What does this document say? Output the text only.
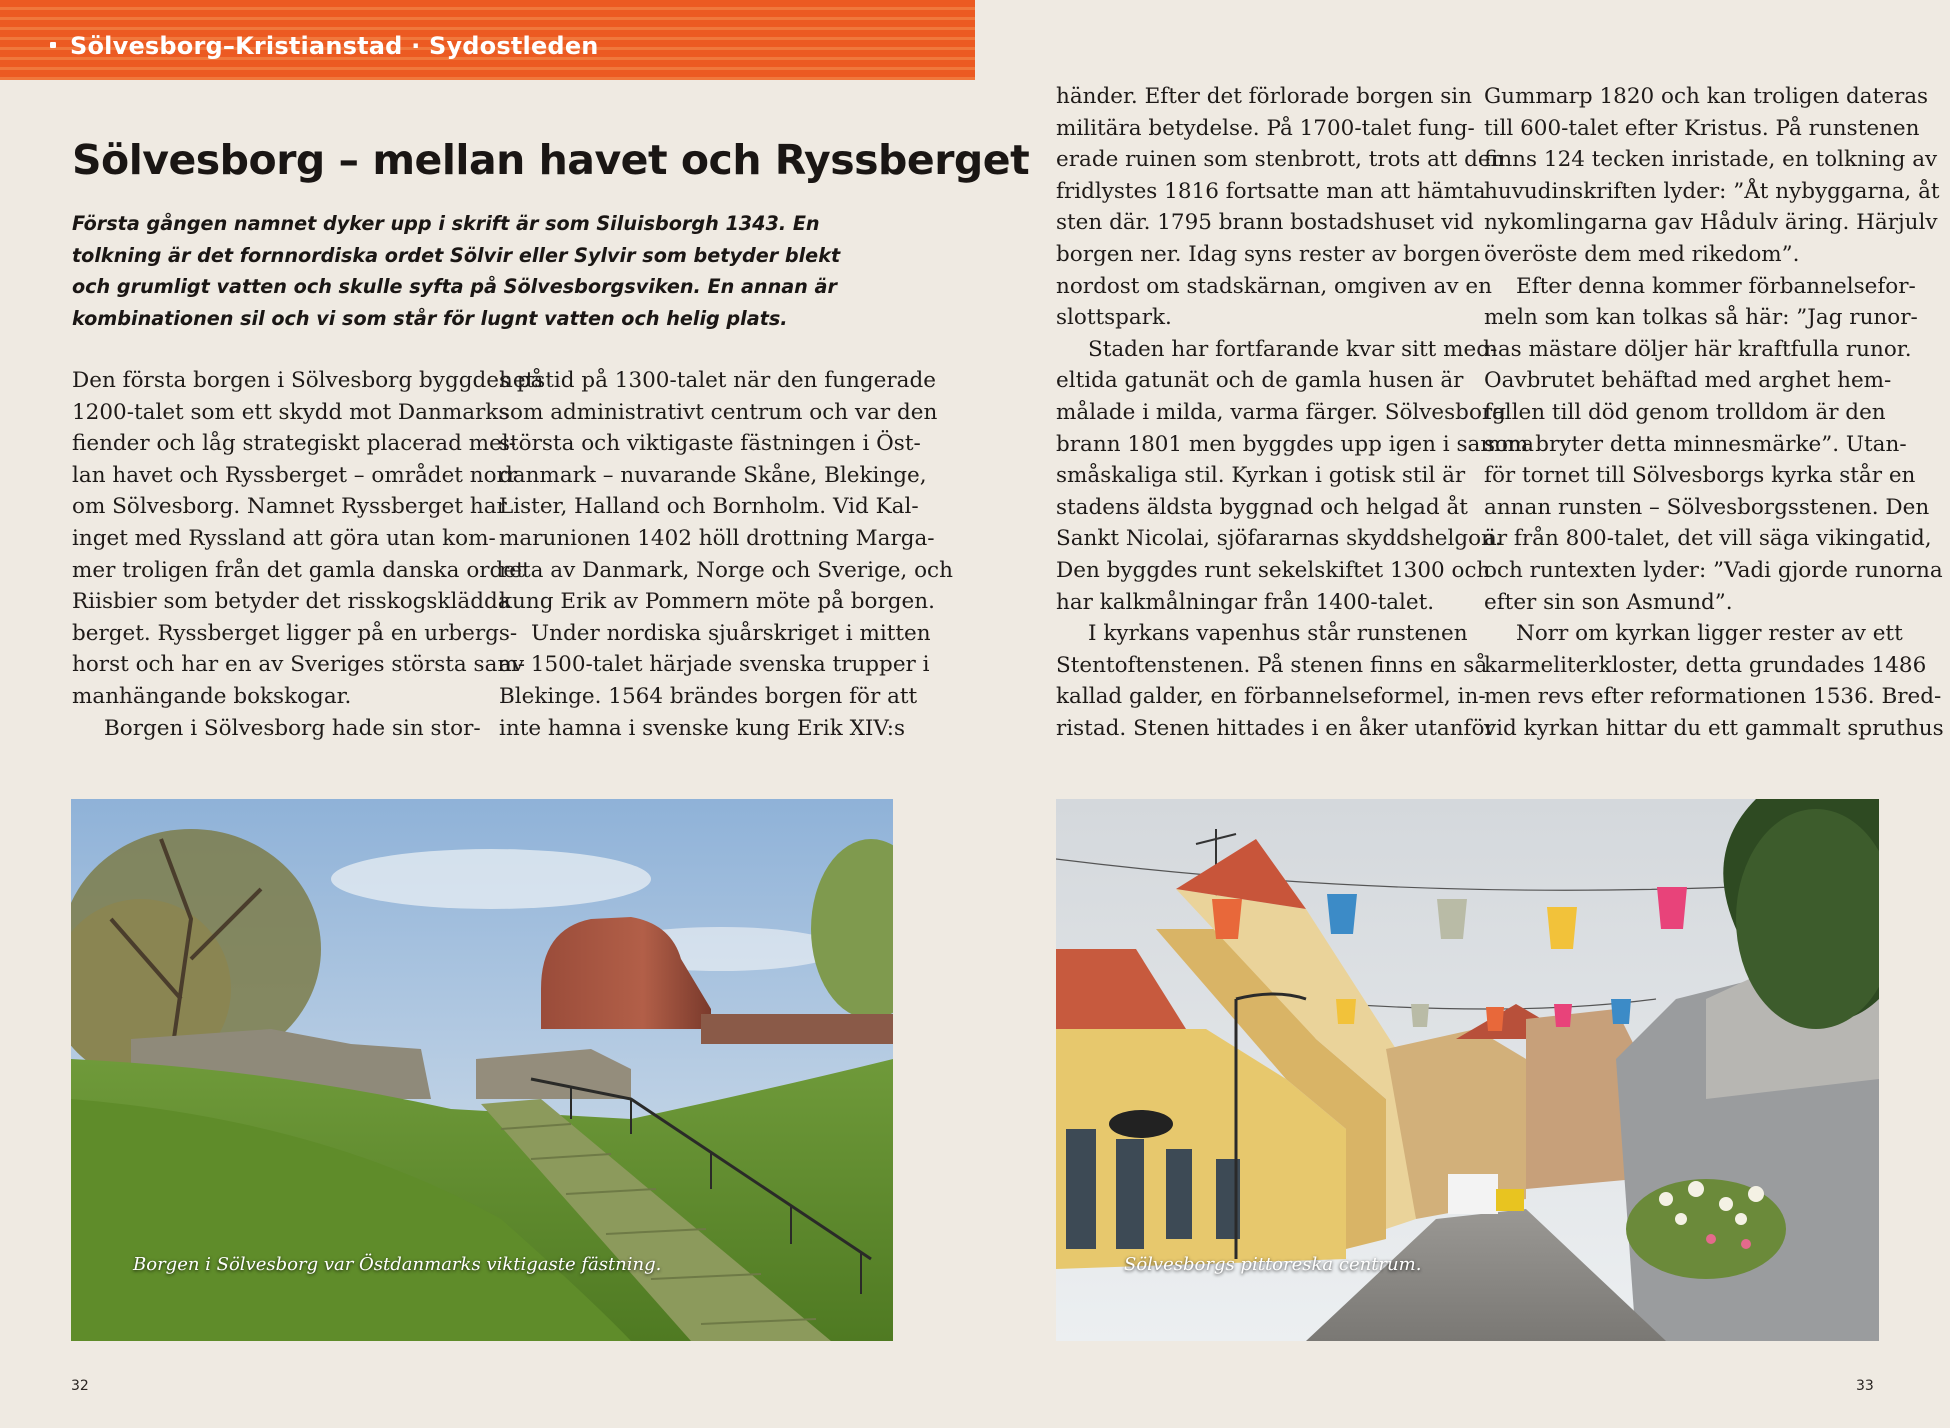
Sölvesborg–Kristianstad · Sydostleden
Sölvesborg – mellan havet och Ryssberget
Första gången namnet dyker upp i skrift är som Siluisborgh 1343. En
tolkning är det fornnordiska ordet Sölvir eller Sylvir som betyder blekt
och grumligt vatten och skulle syfta på Sölvesborgsviken. En annan är
kombinationen sil och vi som står för lugnt vatten och helig plats.
Den första borgen i Sölvesborg byggdes på
1200-talet som ett skydd mot Danmarks
fiender och låg strategiskt placerad mel-
lan havet och Ryssberget – området norr
om Sölvesborg. Namnet Ryssberget har
inget med Ryssland att göra utan kom-
mer troligen från det gamla danska ordet
Riisbier som betyder det risskogsklädda
berget. Ryssberget ligger på en urbergs-
horst och har en av Sveriges största sam-
manhängande bokskogar.
Borgen i Sölvesborg hade sin stor-
hetstid på 1300-talet när den fungerade
som administrativt centrum och var den
största och viktigaste fästningen i Öst-
danmark – nuvarande Skåne, Blekinge,
Lister, Halland och Bornholm. Vid Kal-
marunionen 1402 höll drottning Marga-
reta av Danmark, Norge och Sverige, och
kung Erik av Pommern möte på borgen.
Under nordiska sjuårskriget i mitten
av 1500-talet härjade svenska trupper i
Blekinge. 1564 brändes borgen för att
inte hamna i svenske kung Erik XIV:s
Borgen i Sölvesborg var Östdanmarks viktigaste fästning.
32
händer. Efter det förlorade borgen sin
militära betydelse. På 1700-talet fung-
erade ruinen som stenbrott, trots att den
fridlystes 1816 fortsatte man att hämta
sten där. 1795 brann bostadshuset vid
borgen ner. Idag syns rester av borgen
nordost om stadskärnan, omgiven av en
slottspark.
Staden har fortfarande kvar sitt med-
eltida gatunät och de gamla husen är
målade i milda, varma färger. Sölvesborg
brann 1801 men byggdes upp igen i samma
småskaliga stil. Kyrkan i gotisk stil är
stadens äldsta byggnad och helgad åt
Sankt Nicolai, sjöfararnas skyddshelgon.
Den byggdes runt sekelskiftet 1300 och
har kalkmålningar från 1400-talet.
I kyrkans vapenhus står runstenen
Stentoftenstenen. På stenen finns en så
kallad galder, en förbannelseformel, in-
ristad. Stenen hittades i en åker utanför
Gummarp 1820 och kan troligen dateras
till 600-talet efter Kristus. På runstenen
finns 124 tecken inristade, en tolkning av
huvudinskriften lyder: ”Åt nybyggarna, åt
nykomlingarna gav Hådulv äring. Härjulv
överöste dem med rikedom”.
Efter denna kommer förbannelsefor-
meln som kan tolkas så här: ”Jag runor-
nas mästare döljer här kraftfulla runor.
Oavbrutet behäftad med arghet hem-
fallen till död genom trolldom är den
som bryter detta minnesmärke”. Utan-
för tornet till Sölvesborgs kyrka står en
annan runsten – Sölvesborgsstenen. Den
är från 800-talet, det vill säga vikingatid,
och runtexten lyder: ”Vadi gjorde runorna
efter sin son Asmund”.
Norr om kyrkan ligger rester av ett
karmeliterkloster, detta grundades 1486
men revs efter reformationen 1536. Bred-
vid kyrkan hittar du ett gammalt spruthus
Sölvesborgs pittoreska centrum.
33
